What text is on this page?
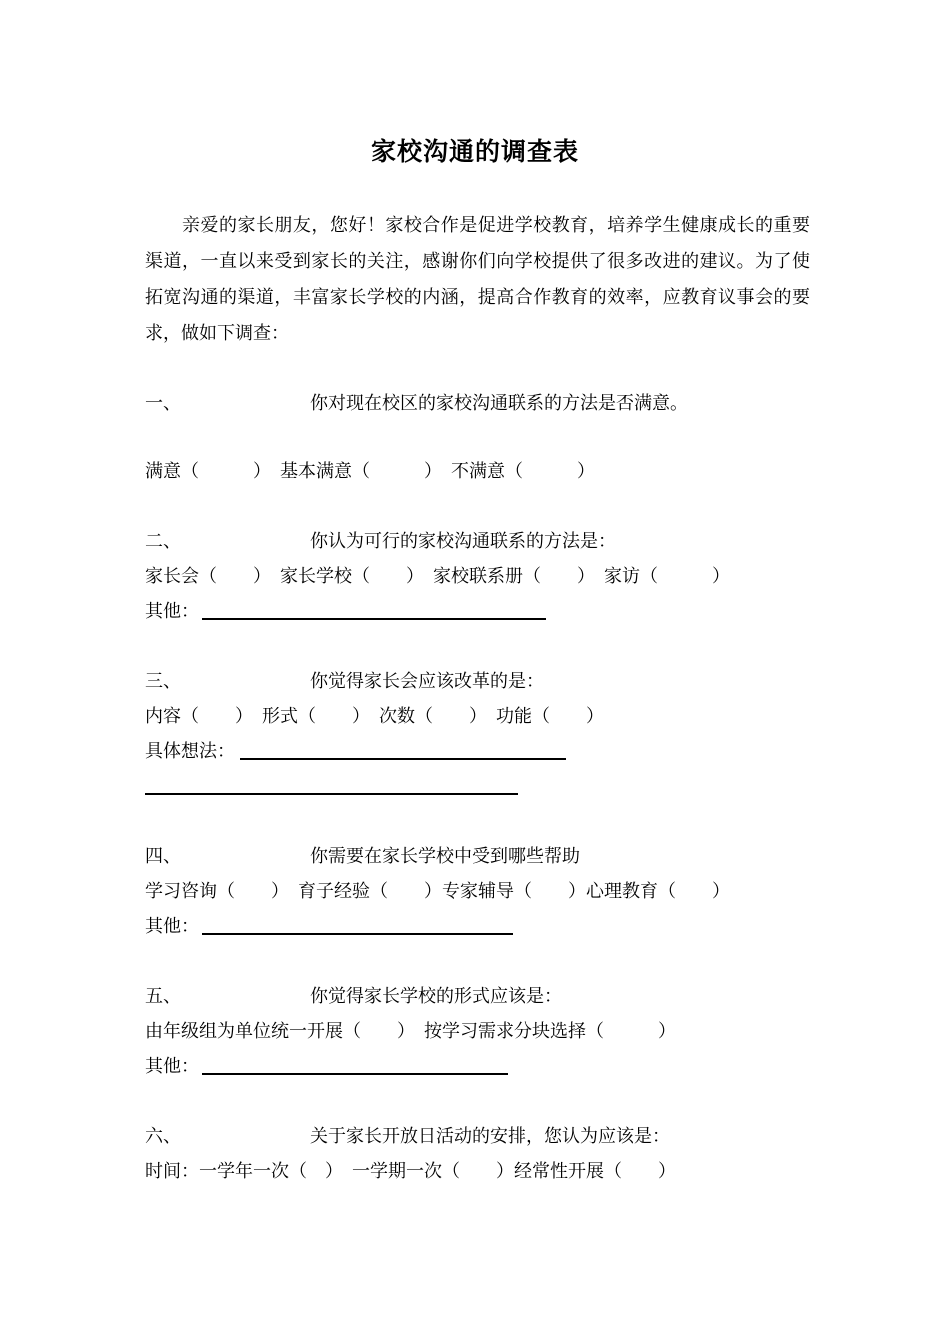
家校沟通的调查表

亲爱的家长朋友，您好！家校合作是促进学校教育，培养学生健康成长的重要渠道，一直以来受到家长的关注，感谢你们向学校提供了很多改进的建议。为了使拓宽沟通的渠道，丰富家长学校的内涵，提高合作教育的效率，应教育议事会的要求，做如下调查：

一、	你对现在校区的家校沟通联系的方法是否满意。
满意（　　　）　基本满意（　　　）　不满意（　　　）
二、	你认为可行的家校沟通联系的方法是：
家长会（　　）　家长学校（　　）　家校联系册（　　）　家访（　　　）
其他：
三、	你觉得家长会应该改革的是：
内容（　　）　形式（　　）　次数（　　）　功能（　　）
具体想法：
四、	你需要在家长学校中受到哪些帮助
学习咨询（　　）　育子经验（　　）专家辅导（　　）心理教育（　　）
其他：
五、	你觉得家长学校的形式应该是：
由年级组为单位统一开展（　　）　按学习需求分块选择（　　　）
其他：
六、	关于家长开放日活动的安排，您认为应该是：
时间：一学年一次（　）　一学期一次（　　）经常性开展（　　）
